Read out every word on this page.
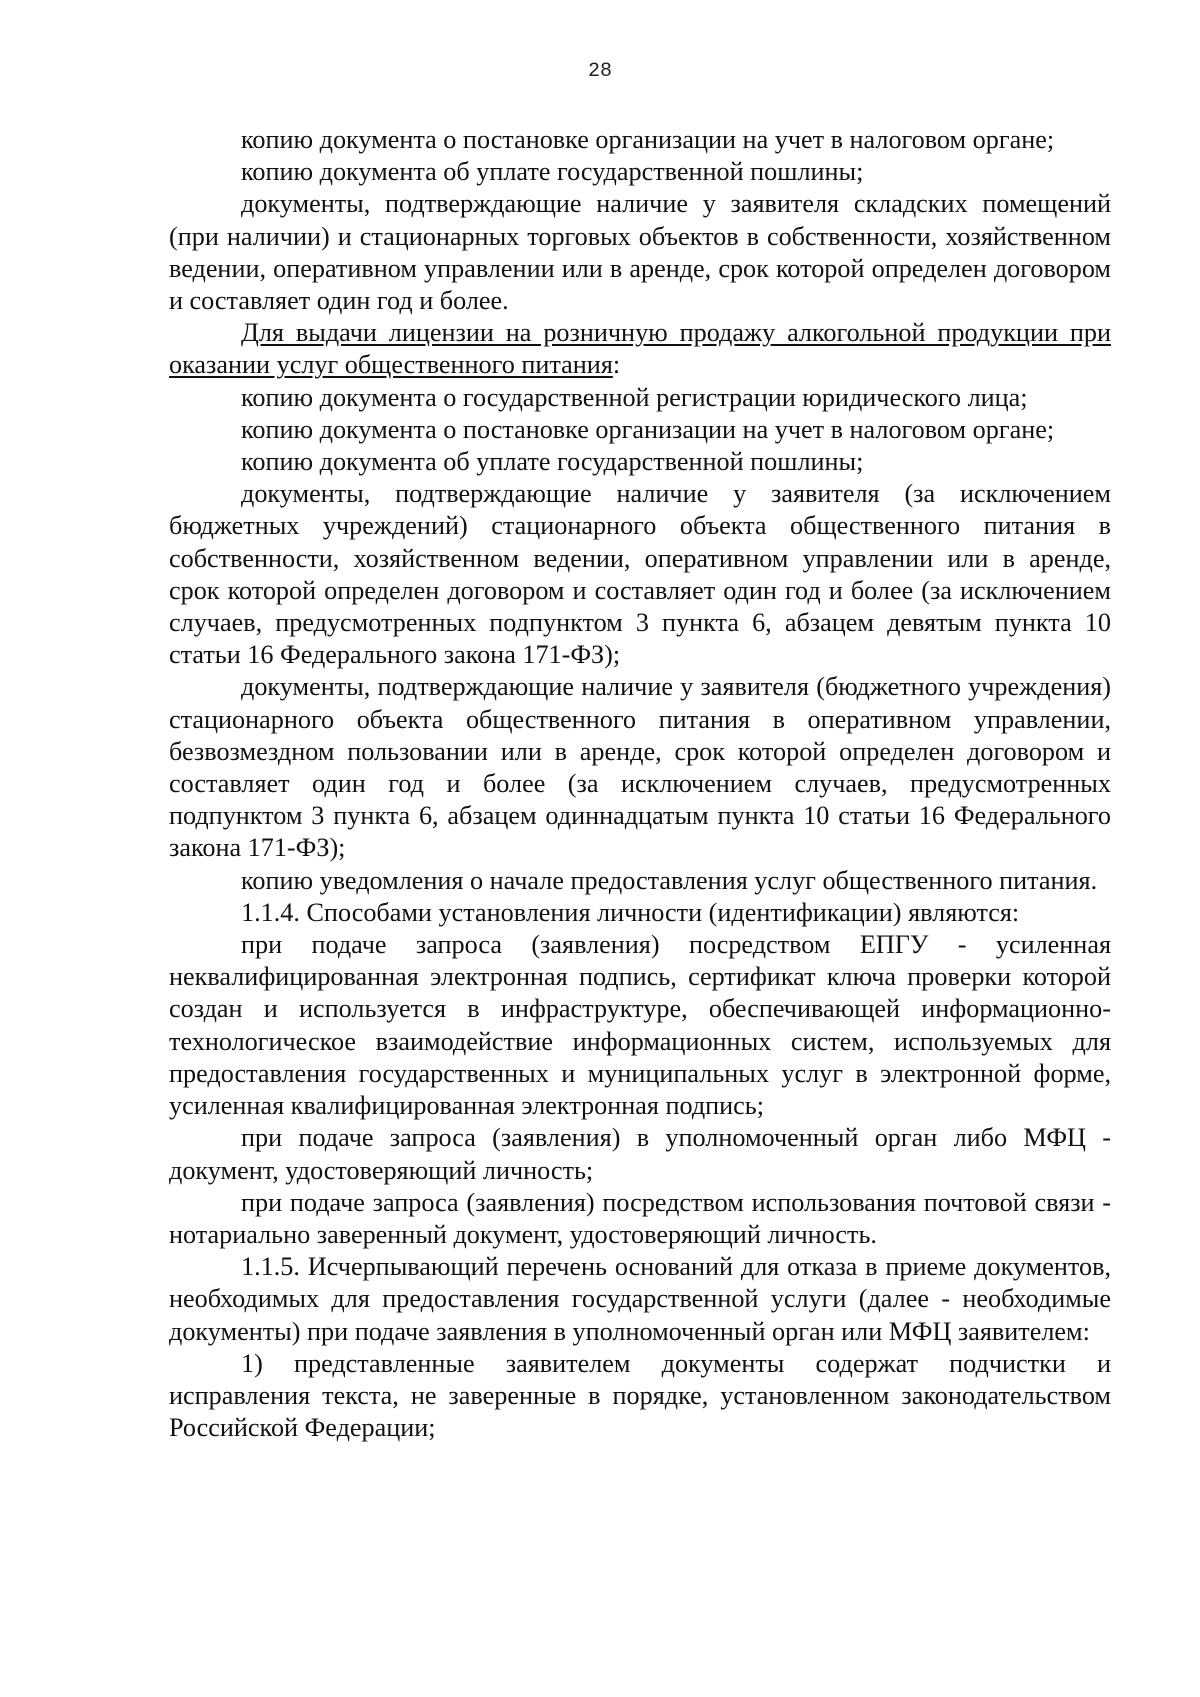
28

копию документа о постановке организации на учет в налоговом органе;

копию документа об уплате государственной пошлины;

документы, подтверждающие наличие у заявителя складских помещений (при наличии) и стационарных торговых объектов в собственности, хозяйственном ведении, оперативном управлении или в аренде, срок которой определен договором и составляет один год и более.

Для выдачи лицензии на розничную продажу алкогольной продукции при оказании услуг общественного питания:

копию документа о государственной регистрации юридического лица;

копию документа о постановке организации на учет в налоговом органе;

копию документа об уплате государственной пошлины;

документы, подтверждающие наличие у заявителя (за исключением бюджетных учреждений) стационарного объекта общественного питания в собственности, хозяйственном ведении, оперативном управлении или в аренде, срок которой определен договором и составляет один год и более (за исключением случаев, предусмотренных подпунктом 3 пункта 6, абзацем девятым пункта 10 статьи 16 Федерального закона 171-ФЗ);

документы, подтверждающие наличие у заявителя (бюджетного учреждения) стационарного объекта общественного питания в оперативном управлении, безвозмездном пользовании или в аренде, срок которой определен договором и составляет один год и более (за исключением случаев, предусмотренных подпунктом 3 пункта 6, абзацем одиннадцатым пункта 10 статьи 16 Федерального закона 171-ФЗ);

копию уведомления о начале предоставления услуг общественного питания.

1.1.4. Способами установления личности (идентификации) являются:

при подаче запроса (заявления) посредством ЕПГУ - усиленная неквалифицированная электронная подпись, сертификат ключа проверки которой создан и используется в инфраструктуре, обеспечивающей информационно-технологическое взаимодействие информационных систем, используемых для предоставления государственных и муниципальных услуг в электронной форме, усиленная квалифицированная электронная подпись;

при подаче запроса (заявления) в уполномоченный орган либо МФЦ - документ, удостоверяющий личность;

при подаче запроса (заявления) посредством использования почтовой связи - нотариально заверенный документ, удостоверяющий личность.

1.1.5. Исчерпывающий перечень оснований для отказа в приеме документов, необходимых для предоставления государственной услуги (далее - необходимые документы) при подаче заявления в уполномоченный орган или МФЦ заявителем:

1) представленные заявителем документы содержат подчистки и исправления текста, не заверенные в порядке, установленном законодательством Российской Федерации;
